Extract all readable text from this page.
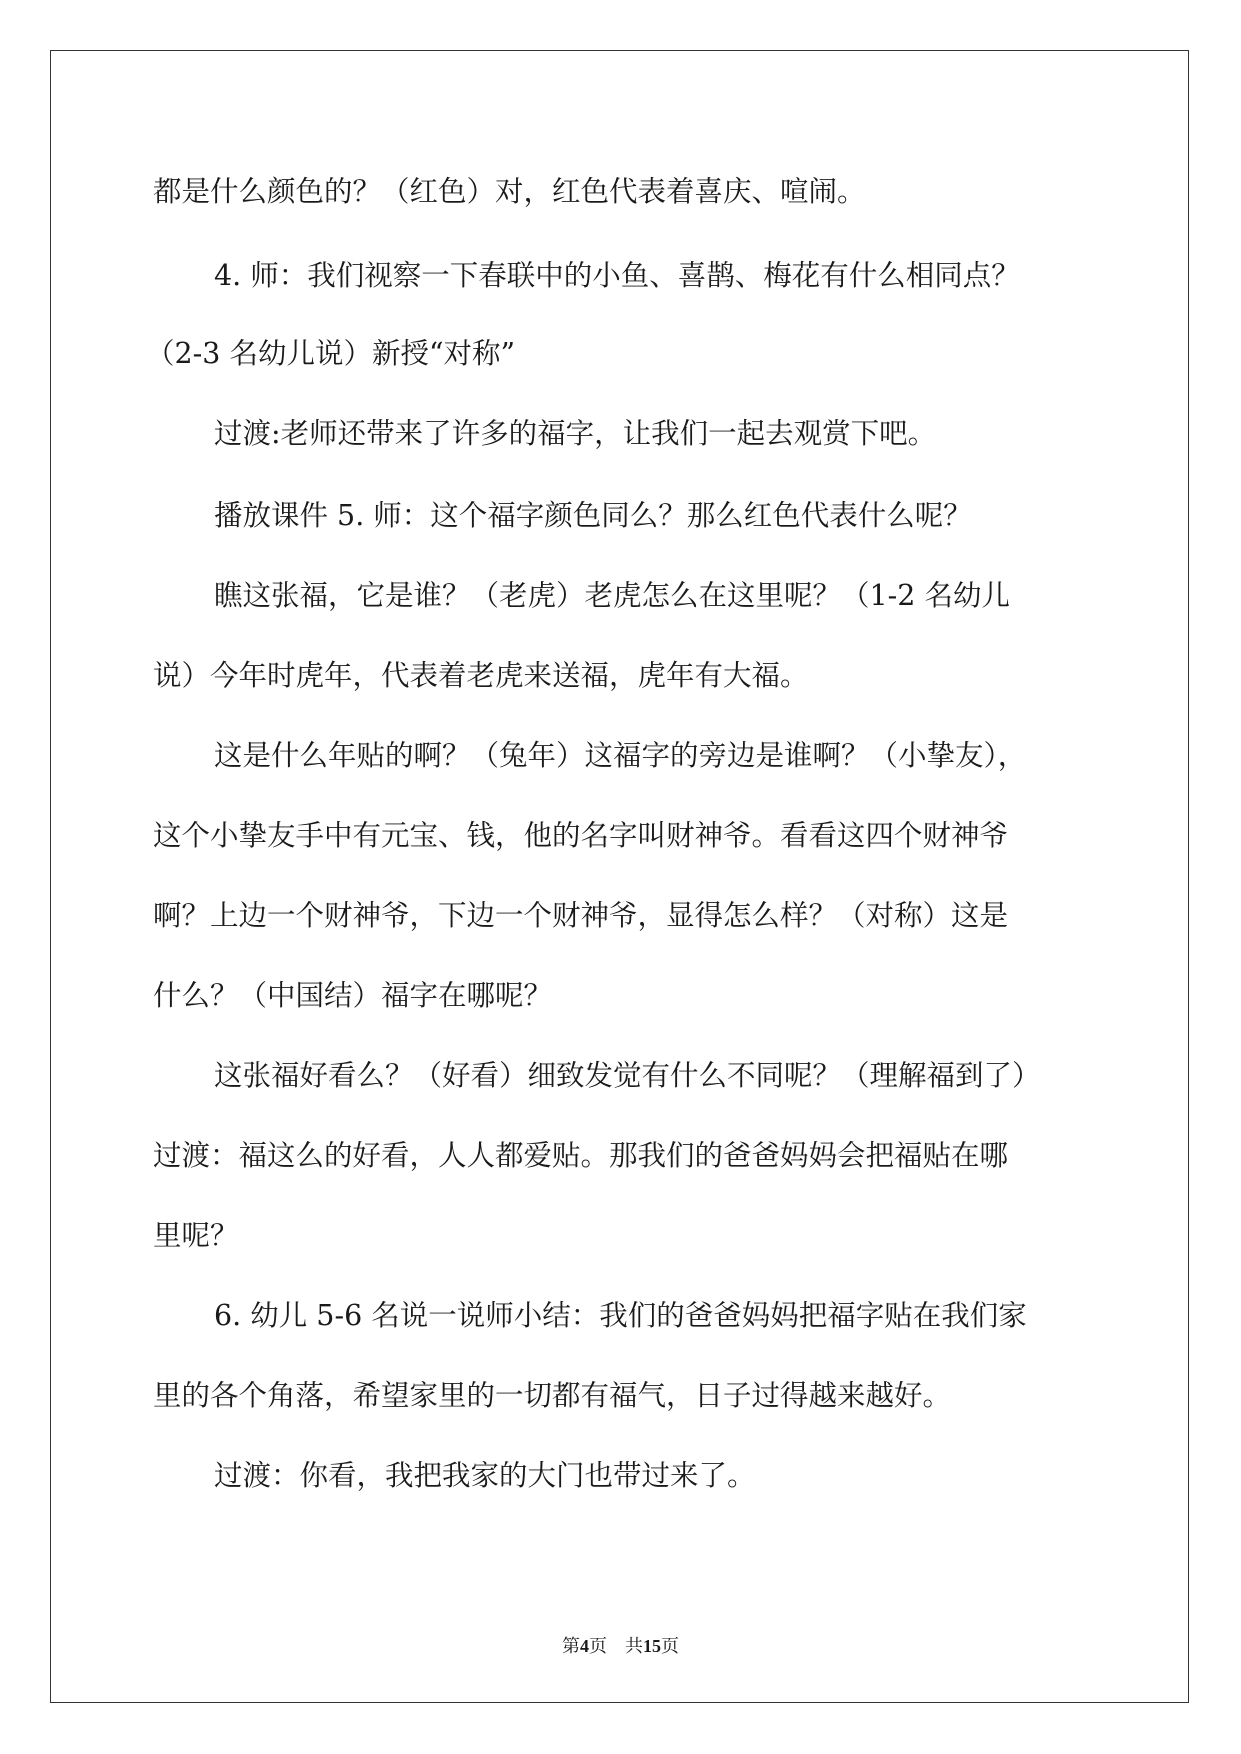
都是什么颜色的？（红色）对，红色代表着喜庆、喧闹。
4. 师：我们视察一下春联中的小鱼、喜鹊、梅花有什么相同点？
（2-3 名幼儿说）新授“对称”
过渡:老师还带来了许多的福字，让我们一起去观赏下吧。
播放课件 5. 师：这个福字颜色同么？那么红色代表什么呢？
瞧这张福，它是谁？（老虎）老虎怎么在这里呢？（1-2 名幼儿
说）今年时虎年，代表着老虎来送福，虎年有大福。
这是什么年贴的啊？（兔年）这福字的旁边是谁啊？（小挚友），
这个小挚友手中有元宝、钱，他的名字叫财神爷。看看这四个财神爷
啊？上边一个财神爷，下边一个财神爷，显得怎么样？（对称）这是
什么？（中国结）福字在哪呢？
这张福好看么？（好看）细致发觉有什么不同呢？（理解福到了）
过渡：福这么的好看，人人都爱贴。那我们的爸爸妈妈会把福贴在哪
里呢？
6. 幼儿 5-6 名说一说师小结：我们的爸爸妈妈把福字贴在我们家
里的各个角落，希望家里的一切都有福气，日子过得越来越好。
过渡：你看，我把我家的大门也带过来了。
第4页　共15页
